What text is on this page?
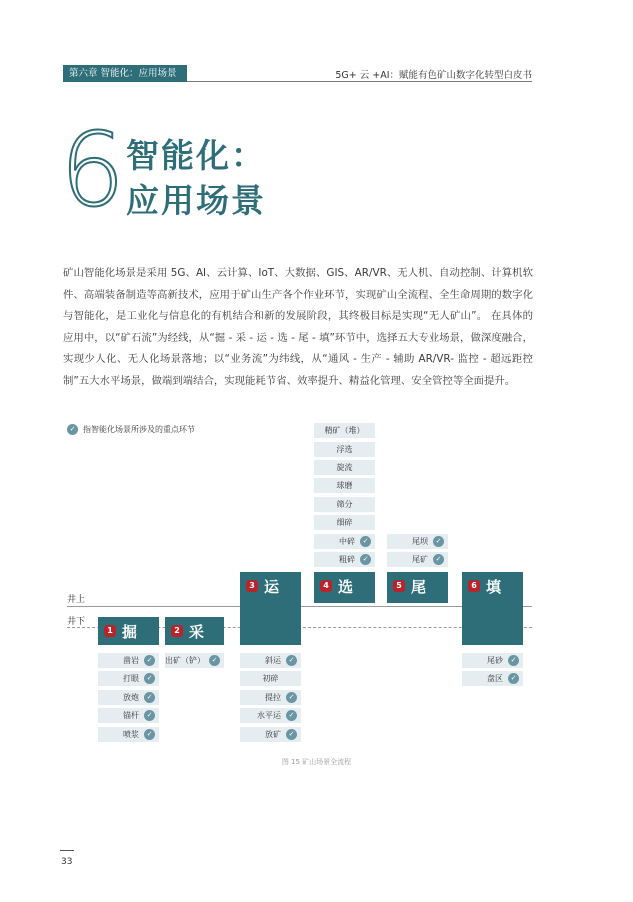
第六章 智能化：应用场景	5G+ 云 +AI：赋能有色矿山数字化转型白皮书
6 智能化：
应用场景
矿山智能化场景是采用 5G、AI、云计算、IoT、大数据、GIS、AR/VR、无人机、自动控制、计算机软件、高端装备制造等高新技术，应用于矿山生产各个作业环节，实现矿山全流程、全生命周期的数字化与智能化，是工业化与信息化的有机结合和新的发展阶段，其终极目标是实现“无人矿山”。 在具体的应用中，以“矿石流”为经线，从“掘 - 采 - 运 - 选 - 尾 - 填”环节中，选择五大专业场景，做深度融合，实现少人化、无人化场景落地；以“业务流”为纬线，从“通风 - 生产 - 辅助 AR/VR- 监控 - 超远距控制”五大水平场景，做端到端结合，实现能耗节省、效率提升、精益化管理、安全管控等全面提升。
✓ 指智能化场景所涉及的重点环节
井上
井下
1 掘
凿岩	✓
打眼	✓
放炮	✓
锚杆	✓
喷浆	✓
2 采
出矿（铲） ✓
3 运
斜运	✓
初碎
提拉	✓
水平运	✓
放矿	✓
4 选
精矿（堆）
浮选
旋流
球磨
筛分
细碎
中碎	✓
粗碎	✓
5 尾
尾坝	✓
尾矿	✓
6 填
尾砂	✓
盘区	✓
图 15 矿山场景全流程
33
